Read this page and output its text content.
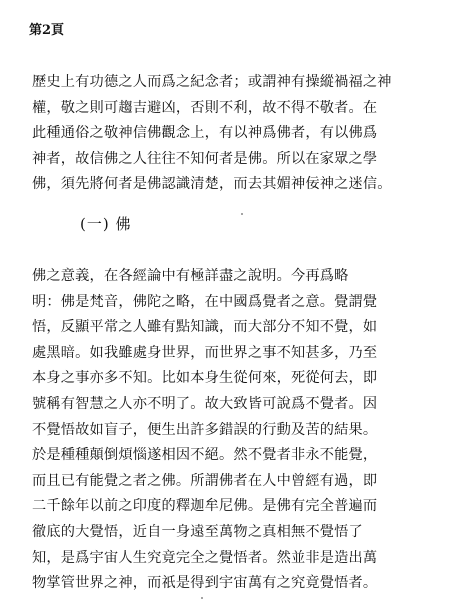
第2頁
歷史上有功德之人而爲之紀念者；或謂神有操縱禍福之神
權，敬之則可趨吉避凶，否則不利，故不得不敬者。在
此種通俗之敬神信佛觀念上，有以神爲佛者，有以佛爲
神者，故信佛之人往往不知何者是佛。所以在家眾之學
佛，須先將何者是佛認識清楚，而去其媚神佞神之迷信。
(一) 佛
佛之意義，在各經論中有極詳盡之說明。今再爲略
明：佛是梵音，佛陀之略，在中國爲覺者之意。覺謂覺
悟，反顯平常之人雖有點知識，而大部分不知不覺，如
處黑暗。如我雖處身世界，而世界之事不知甚多，乃至
本身之事亦多不知。比如本身生從何來，死從何去，即
號稱有智慧之人亦不明了。故大致皆可說爲不覺者。因
不覺悟故如盲子，便生出許多錯誤的行動及苦的結果。
於是種種顛倒煩惱遂相因不絕。然不覺者非永不能覺，
而且已有能覺之者之佛。所謂佛者在人中曾經有過，即
二千餘年以前之印度的釋迦牟尼佛。是佛有完全普遍而
徹底的大覺悟，近自一身遠至萬物之真相無不覺悟了
知，是爲宇宙人生究竟完全之覺悟者。然並非是造出萬
物掌管世界之神，而祇是得到宇宙萬有之究竟覺悟者。
